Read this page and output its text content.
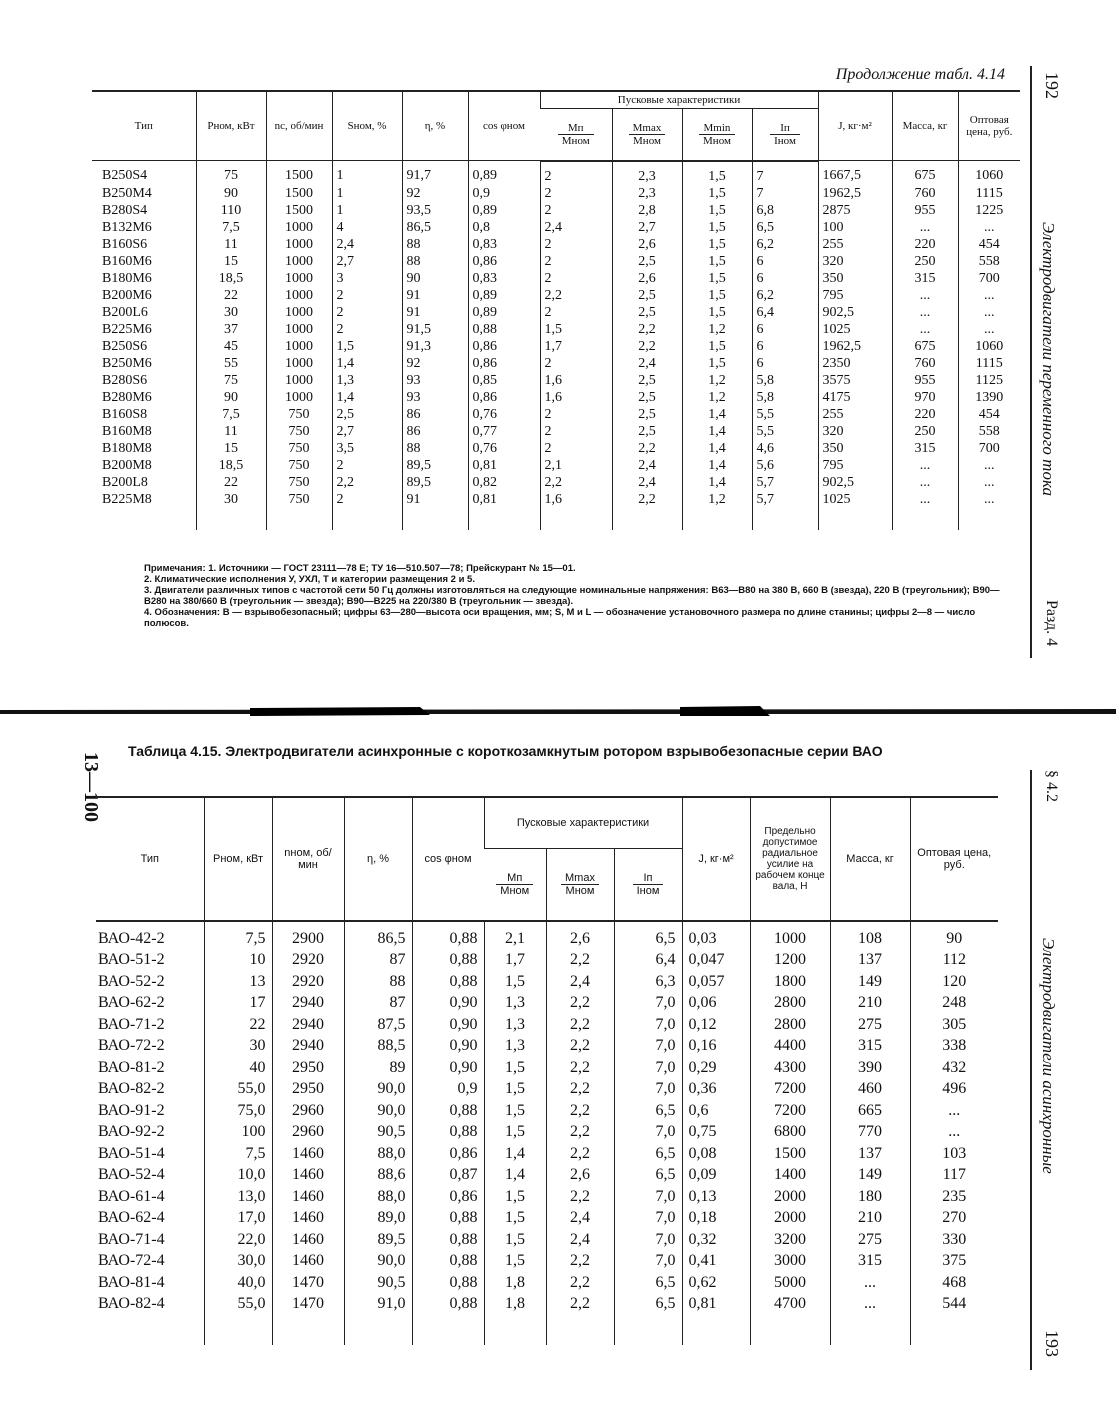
Продолжение табл. 4.14
Тип	Pном, кВт	nс, об/мин	Sном, %	η, %	cos φном	Пусковые характеристики				J, кг·м²	Масса, кг	Оптовая цена, руб.

						$\frac{Mп}{\text{Mном}}$	$\frac{Mmax}{\text{Mном}}$	$\frac{Mmin}{\text{Mном}}$	$\frac{Iп}{\text{Iном}}$

В250S4	75	1500	1	91,7	0,89	2	2,3	1,5	7	1667,5	675	1060
В250М4	90	1500	1	92	0,9	2	2,3	1,5	7	1962,5	760	1115
В280S4	110	1500	1	93,5	0,89	2	2,8	1,5	6,8	2875	955	1225
В132М6	7,5	1000	4	86,5	0,8	2,4	2,7	1,5	6,5	100	...	...
В160S6	11	1000	2,4	88	0,83	2	2,6	1,5	6,2	255	220	454
В160М6	15	1000	2,7	88	0,86	2	2,5	1,5	6	320	250	558
В180М6	18,5	1000	3	90	0,83	2	2,6	1,5	6	350	315	700
В200М6	22	1000	2	91	0,89	2,2	2,5	1,5	6,2	795	...	...
В200L6	30	1000	2	91	0,89	2	2,5	1,5	6,4	902,5	...	...
В225М6	37	1000	2	91,5	0,88	1,5	2,2	1,2	6	1025	...	...
В250S6	45	1000	1,5	91,3	0,86	1,7	2,2	1,5	6	1962,5	675	1060
В250М6	55	1000	1,4	92	0,86	2	2,4	1,5	6	2350	760	1115
В280S6	75	1000	1,3	93	0,85	1,6	2,5	1,2	5,8	3575	955	1125
В280М6	90	1000	1,4	93	0,86	1,6	2,5	1,2	5,8	4175	970	1390
В160S8	7,5	750	2,5	86	0,76	2	2,5	1,4	5,5	255	220	454
В160М8	11	750	2,7	86	0,77	2	2,5	1,4	5,5	320	250	558
В180М8	15	750	3,5	88	0,76	2	2,2	1,4	4,6	350	315	700
В200М8	18,5	750	2	89,5	0,81	2,1	2,4	1,4	5,6	795	...	...
В200L8	22	750	2,2	89,5	0,82	2,2	2,4	1,4	5,7	902,5	...	...
В225М8	30	750	2	91	0,81	1,6	2,2	1,2	5,7	1025	...	...
Примечания: 1. Источники — ГОСТ 23111—78 Е; ТУ 16—510.507—78; Прейскурант № 15—01.
2. Климатические исполнения У, УХЛ, Т и категории размещения 2 и 5.
3. Двигатели различных типов с частотой сети 50 Гц должны изготовляться на следующие номинальные напряжения: В63—В80 на 380 В, 660 В (звезда), 220 В (треугольник); В90—В280 на 380/660 В (треугольник — звезда); В90—В225 на 220/380 В (треугольник — звезда).
4. Обозначения: В — взрывобезопасный; цифры 63—280—высота оси вращения, мм; S, M и L — обозначение установочного размера по длине станины; цифры 2—8 — число полюсов.
192
Электродвигатели переменного тока
Разд. 4
Таблица 4.15. Электродвигатели асинхронные с короткозамкнутым ротором взрывобезопасные серии ВАО
13—100
Тип	Pном, кВт	nном, об/мин	η, %	cos φном	Пусковые характеристики			J, кг·м²	Предельно допустимое радиальное усилие на рабочем конце вала, Н	Масса, кг	Оптовая цена, руб.

					$\frac{Mп}{\text{Mном}}$	$\frac{Mmax}{\text{Mном}}$	$\frac{Iп}{\text{Iном}}$

ВАО-42-2	7,5	2900	86,5	0,88	2,1	2,6	6,5	0,03	1000	108	90
ВАО-51-2	10	2920	87	0,88	1,7	2,2	6,4	0,047	1200	137	112
ВАО-52-2	13	2920	88	0,88	1,5	2,4	6,3	0,057	1800	149	120
ВАО-62-2	17	2940	87	0,90	1,3	2,2	7,0	0,06	2800	210	248
ВАО-71-2	22	2940	87,5	0,90	1,3	2,2	7,0	0,12	2800	275	305
ВАО-72-2	30	2940	88,5	0,90	1,3	2,2	7,0	0,16	4400	315	338
ВАО-81-2	40	2950	89	0,90	1,5	2,2	7,0	0,29	4300	390	432
ВАО-82-2	55,0	2950	90,0	0,9	1,5	2,2	7,0	0,36	7200	460	496
ВАО-91-2	75,0	2960	90,0	0,88	1,5	2,2	6,5	0,6	7200	665	...
ВАО-92-2	100	2960	90,5	0,88	1,5	2,2	7,0	0,75	6800	770	...
ВАО-51-4	7,5	1460	88,0	0,86	1,4	2,2	6,5	0,08	1500	137	103
ВАО-52-4	10,0	1460	88,6	0,87	1,4	2,6	6,5	0,09	1400	149	117
ВАО-61-4	13,0	1460	88,0	0,86	1,5	2,2	7,0	0,13	2000	180	235
ВАО-62-4	17,0	1460	89,0	0,88	1,5	2,4	7,0	0,18	2000	210	270
ВАО-71-4	22,0	1460	89,5	0,88	1,5	2,4	7,0	0,32	3200	275	330
ВАО-72-4	30,0	1460	90,0	0,88	1,5	2,2	7,0	0,41	3000	315	375
ВАО-81-4	40,0	1470	90,5	0,88	1,8	2,2	6,5	0,62	5000	...	468
ВАО-82-4	55,0	1470	91,0	0,88	1,8	2,2	6,5	0,81	4700	...	544
§ 4.2
Электродвигатели асинхронные
193
